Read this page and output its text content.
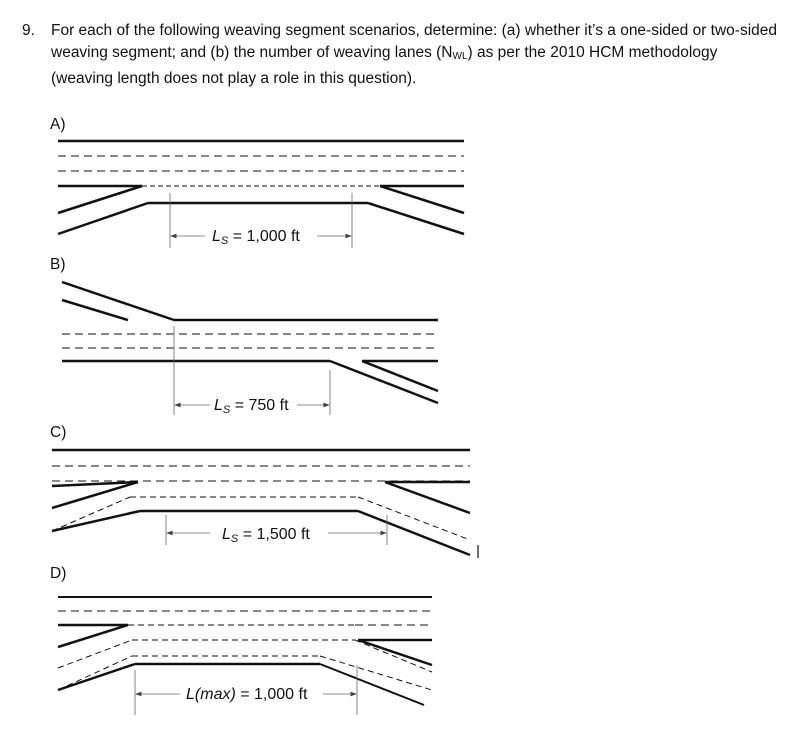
9. For each of the following weaving segment scenarios, determine: (a) whether it’s a one-sided or two-sided weaving segment; and (b) the number of weaving lanes $(N_{WL})$ as per the 2010 HCM methodology (weaving length does not play a role in this question).
A)
B)
C)
D)
LS = 1,000 ft
LS = 750 ft
LS = 1,500 ft
L(max) = 1,000 ft
